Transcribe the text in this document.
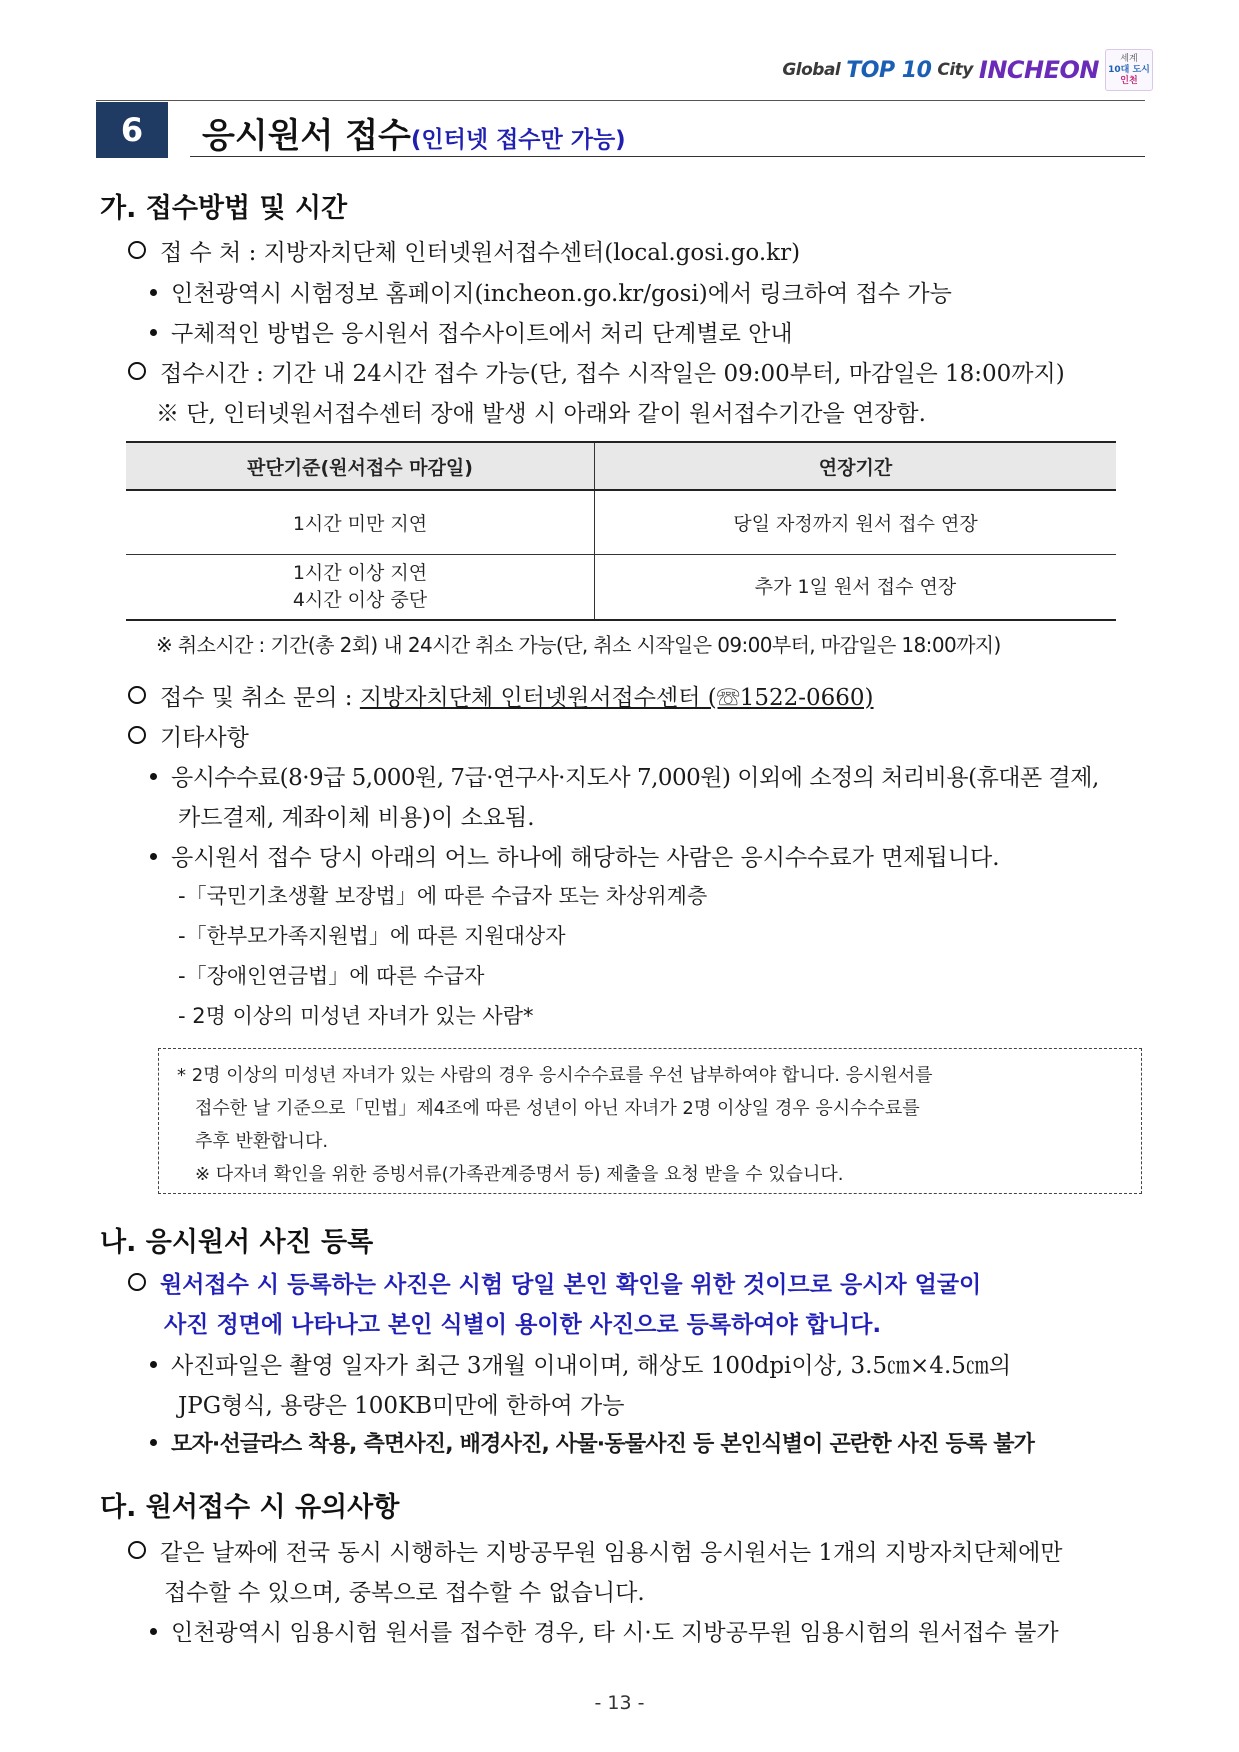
Global TOP 10 City INCHEON	세계
10대 도시
인천
6	응시원서 접수(인터넷 접수만 가능)
가. 접수방법 및 시간
접 수 처 : 지방자치단체 인터넷원서접수센터(local.gosi.go.kr)
인천광역시 시험정보 홈페이지(incheon.go.kr/gosi)에서 링크하여 접수 가능
구체적인 방법은 응시원서 접수사이트에서 처리 단계별로 안내
접수시간 : 기간 내 24시간 접수 가능(단, 접수 시작일은 09:00부터, 마감일은 18:00까지)
※ 단, 인터넷원서접수센터 장애 발생 시 아래와 같이 원서접수기간을 연장함.
판단기준(원서접수 마감일)	연장기간
1시간 미만 지연	당일 자정까지 원서 접수 연장

1시간 이상 지연
4시간 이상 중단	추가 1일 원서 접수 연장
※ 취소시간 : 기간(총 2회) 내 24시간 취소 가능(단, 취소 시작일은 09:00부터, 마감일은 18:00까지)
접수 및 취소 문의 : 지방자치단체 인터넷원서접수센터 (☏1522-0660)
기타사항
응시수수료(8·9급 5,000원, 7급·연구사·지도사 7,000원) 이외에 소정의 처리비용(휴대폰 결제,
카드결제, 계좌이체 비용)이 소요됨.
응시원서 접수 당시 아래의 어느 하나에 해당하는 사람은 응시수수료가 면제됩니다.
-「국민기초생활 보장법」에 따른 수급자 또는 차상위계층
-「한부모가족지원법」에 따른 지원대상자
-「장애인연금법」에 따른 수급자
- 2명 이상의 미성년 자녀가 있는 사람*
* 2명 이상의 미성년 자녀가 있는 사람의 경우 응시수수료를 우선 납부하여야 합니다. 응시원서를
접수한 날 기준으로「민법」제4조에 따른 성년이 아닌 자녀가 2명 이상일 경우 응시수수료를
추후 반환합니다.
※ 다자녀 확인을 위한 증빙서류(가족관계증명서 등) 제출을 요청 받을 수 있습니다.
나. 응시원서 사진 등록
원서접수 시 등록하는 사진은 시험 당일 본인 확인을 위한 것이므로 응시자 얼굴이
사진 정면에 나타나고 본인 식별이 용이한 사진으로 등록하여야 합니다.
사진파일은 촬영 일자가 최근 3개월 이내이며, 해상도 100dpi이상, 3.5㎝×4.5㎝의
JPG형식, 용량은 100KB미만에 한하여 가능
모자·선글라스 착용, 측면사진, 배경사진, 사물·동물사진 등 본인식별이 곤란한 사진 등록 불가
다. 원서접수 시 유의사항
같은 날짜에 전국 동시 시행하는 지방공무원 임용시험 응시원서는 1개의 지방자치단체에만
접수할 수 있으며, 중복으로 접수할 수 없습니다.
인천광역시 임용시험 원서를 접수한 경우, 타 시·도 지방공무원 임용시험의 원서접수 불가
- 13 -
